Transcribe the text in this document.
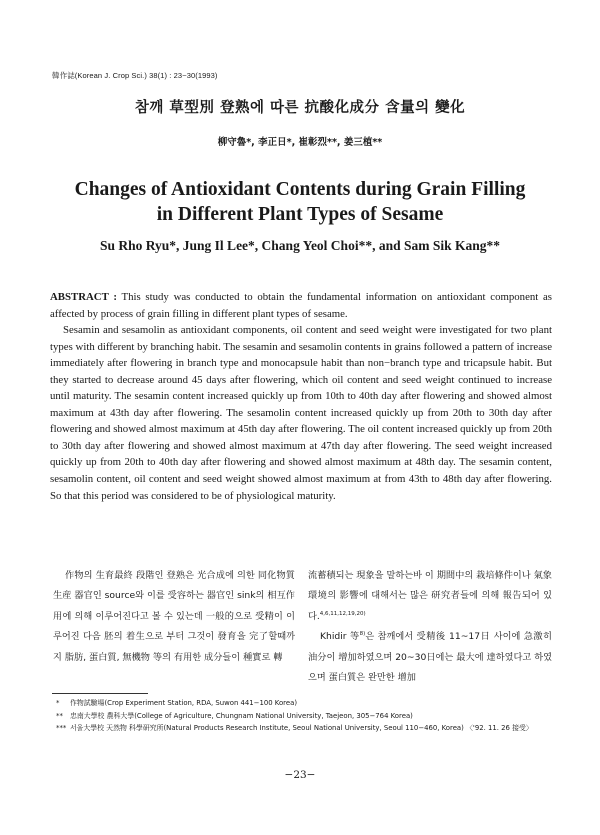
韓作誌(Korean J. Crop Sci.) 38(1) : 23~30(1993)
참깨 草型別 登熟에 따른 抗酸化成分 含量의 變化
柳守魯*, 李正日*, 崔彰烈**, 姜三植**
Changes of Antioxidant Contents during Grain Filling
in Different Plant Types of Sesame
Su Rho Ryu*, Jung Il Lee*, Chang Yeol Choi**, and Sam Sik Kang**

ABSTRACT : This study was conducted to obtain the fundamental information on antioxidant component as affected by process of grain filling in different plant types of sesame.

Sesamin and sesamolin as antioxidant components, oil content and seed weight were investigated for two plant types with different by branching habit. The sesamin and sesamolin contents in grains followed a pattern of increase immediately after flowering in branch type and monocapsule habit than non−branch type and tricapsule habit. But they started to decrease around 45 days after flowering, which oil content and seed weight continued to increase until maturity. The sesamin content increased quickly up from 10th to 40th day after flowering and showed almost maximum at 43th day after flowering. The sesamolin content increased quickly up from 20th to 30th day after flowering and showed almost maximum at 45th day after flowering. The oil content increased quickly up from 20th to 30th day after flowering and showed almost maximum at 47th day after flowering. The seed weight increased quickly up from 20th to 40th day after flowering and showed almost maximum at 48th day. The sesamin content, sesamolin content, oil content and seed weight showed almost maximum at from 43th to 48th day after flowering. So that this period was considered to be of physiological maturity.

作物의 生育最終 段階인 登熟은 光合成에 의한 同化物質 生産 器官인 source와 이를 受容하는 器官인 sink의 相互作用에 의해 이루어진다고 볼 수 있는데 一般的으로 受精이 이루어진 다음 胚의 着生으로 부터 그것이 發育을 完了할때까지 脂肪, 蛋白質, 無機物 等의 有用한 成分들이 種實로 轉

流蓄積되는 現象을 말하는바 이 期間中의 栽培條件이나 氣象環境의 影響에 대해서는 많은 研究者들에 의해 報告되어 있다.$^{4,6,11,12,19,20)}$

Khidir 等$^{8)}$은 참깨에서 受精後 11~17日 사이에 急激히 油分이 增加하였으며 20~30日에는 最大에 達하였다고 하였으며 蛋白質은 완만한 增加

* 作物試驗場(Crop Experiment Station, RDA, Suwon 441−100 Korea)
** 忠南大學校 農科大學(College of Agriculture, Chungnam National University, Taejeon, 305−764 Korea)
*** 서울大學校 天然物 科學研究所(Natural Products Research Institute, Seoul National University, Seoul 110−460, Korea) 〈'92. 11. 26 接受〉
−23−
